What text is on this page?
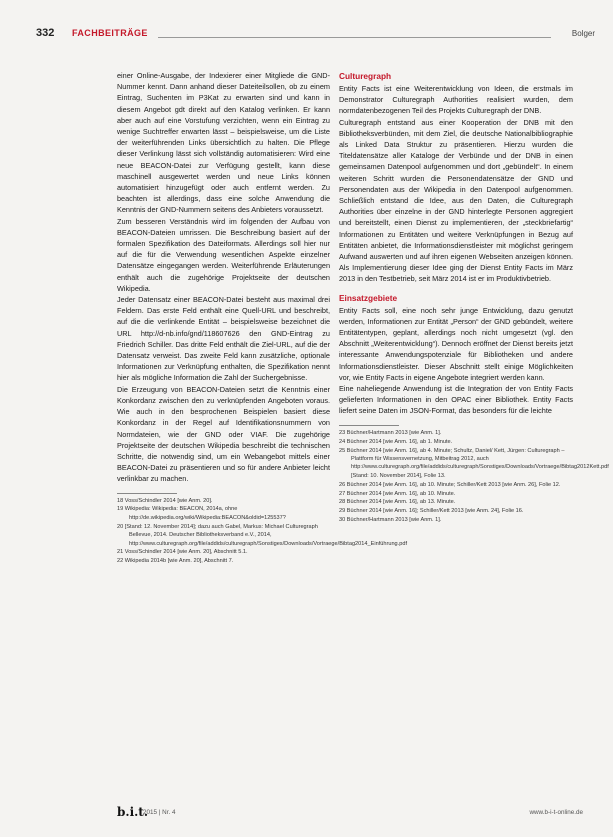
332 FACHBEITRÄGE	Bolger

einer Online-Ausgabe, der Indexierer einer Mitgliede die GND-Nummer kennt. Dann anhand dieser Dateiteilsollen, ob zu einem Eintrag, Suchenten im P3Kat zu erwarten sind und kann in diesem Angebot gdt direkt auf den Katalog verlinken. Er kann aber auch auf eine Vorstufung verzichten, wenn ein Eintrag zu wenige Suchtreffer erwarten lässt – beispielsweise, um die Liste der weiterführenden Links übersichtlich zu halten. Die Pflege dieser Verlinkung lässt sich vollständig automatisieren: Wird eine neue BEACON-Datei zur Verfügung gestellt, kann diese maschinell ausgewertet werden und neue Links können automatisiert hinzugefügt oder auch entfernt werden. Zu beachten ist allerdings, dass eine solche Anwendung die Kenntnis der GND-Nummern seitens des Anbieters voraussetzt.

Zum besseren Verständnis wird im folgenden der Aufbau von BEACON-Dateien umrissen. Die Beschreibung basiert auf der formalen Spezifikation des Dateiformats. Allerdings soll hier nur auf die für die Verwendung wesentlichen Aspekte einzelner Datensätze eingegangen werden. Weiterführende Erläuterungen enthält auch die zugehörige Projektseite der deutschen Wikipedia.

Jeder Datensatz einer BEACON-Datei besteht aus maximal drei Feldern. Das erste Feld enthält eine Quell-URL und beschreibt, auf die die verlinkende Entität – beispielsweise bezeichnet die URL http://d-nb.info/gnd/118607626 den GND-Eintrag zu Friedrich Schiller. Das dritte Feld enthält die Ziel-URL, auf die der Datensatz verweist. Das zweite Feld kann zusätzliche, optionale Informationen zur Verknüpfung enthalten, die Spezifikation nennt hier als mögliche Information die Zahl der Suchergebnisse.

Die Erzeugung von BEACON-Dateien setzt die Kenntnis einer Konkordanz zwischen den zu verknüpfenden Angeboten voraus. Wie auch in den besprochenen Beispielen basiert diese Konkordanz in der Regel auf Identifikationsnummern von Normdateien, wie der GND oder VIAF. Die zugehörige Projektseite der deutschen Wikipedia beschreibt die technischen Schritte, die notwendig sind, um ein Webangebot mittels einer BEACON-Datei zu präsentieren und so für andere Anbieter leicht verlinkbar zu machen.

18 Voss/Schindler 2014 [wie Anm. 20].
19 Wikipedia: Wikipedia: BEACON, 2014a, ohne http://de.wikipedia.org/wiki/Wikipedia:BEACON&oldid=125537?
20 [Stand: 12. November 2014]; dazu auch Gabel, Markus: Michael Culturegraph Bellevue, 2014. Deutscher Bibliotheksverband e.V., 2014, http://www.culturegraph.org/file/addids/culturegraph/Sonstiges/Downloads/Vortraege/Bibtag2014_Einführung.pdf
21 Voss/Schindler 2014 [wie Anm. 20], Abschnitt 5.1.
22 Wikipedia 2014b [wie Anm. 20], Abschnitt 7.
Culturegraph

Entity Facts ist eine Weiterentwicklung von Ideen, die erstmals im Demonstrator Culturegraph Authorities realisiert wurden, dem normdatenbezogenen Teil des Projekts Culturegraph der DNB.

Culturegraph entstand aus einer Kooperation der DNB mit den Bibliotheksverbünden, mit dem Ziel, die deutsche Nationalbibliographie als Linked Data Struktur zu präsentieren. Hierzu wurden die Titeldatensätze aller Kataloge der Verbünde und der DNB in einen gemeinsamen Datenpool aufgenommen und dort „gebündelt“. In einem weiteren Schritt wurden die Personendatensätze der GND und Personendaten aus der Wikipedia in den Datenpool aufgenommen. Schließlich entstand die Idee, aus den Daten, die Culturegraph Authorities über einzelne in der GND hinterlegte Personen aggregiert und bereitstellt, einen Dienst zu implementieren, der „steckbriefartig“ Informationen zu Entitäten und weitere Verknüpfungen in Bezug auf Entitäten anbietet, die Informationsdienstleister mit möglichst geringem Aufwand auswerten und auf ihren eigenen Webseiten anzeigen können. Als Implementierung dieser Idee ging der Dienst Entity Facts im März 2013 in den Testbetrieb, seit März 2014 ist er im Produktivbetrieb.

Einsatzgebiete

Entity Facts soll, eine noch sehr junge Entwicklung, dazu genutzt werden, Informationen zur Entität „Person“ der GND gebündelt, weitere Entitätentypen, geplant, allerdings noch nicht umgesetzt (vgl. den Abschnitt „Weiterentwicklung“). Dennoch eröffnet der Dienst bereits jetzt interessante Anwendungspotenziale für Bibliotheken und andere Informationsdienstleister. Dieser Abschnitt stellt einige Möglichkeiten vor, wie Entity Facts in eigene Angebote integriert werden kann.

Eine naheliegende Anwendung ist die Integration der von Entity Facts gelieferten Informationen in den OPAC einer Bibliothek. Entity Facts liefert seine Daten im JSON-Format, das besonders für die leichte

23 Büchner/Hartmann 2013 [wie Anm. 1].
24 Büchner 2014 [wie Anm. 16], ab 1. Minute.
25 Büchner 2014 [wie Anm. 16], ab 4. Minute; Schultz, Daniel/ Kett, Jürgen: Culturegraph – Plattform für Wissensvernetzung, Mitbeitrag 2012, auch http://www.culturegraph.org/file/addids/culturegraph/Sonstiges/Downloads/Vortraege/Bibtag2012Kett.pdf [Stand: 10. November 2014], Folie 13.
26 Büchner 2014 [wie Anm. 16], ab 10. Minute; Schiller/Kett 2013 [wie Anm. 26], Folie 12.
27 Büchner 2014 [wie Anm. 16], ab 10. Minute.
28 Büchner 2014 [wie Anm. 16], ab 13. Minute.
29 Büchner 2014 [wie Anm. 16]; Schiller/Kett 2013 [wie Anm. 24], Folie 16.
30 Büchner/Hartmann 2013 [wie Anm. 1].
b.i.t.
2015 | Nr. 4	www.b-i-t-online.de
